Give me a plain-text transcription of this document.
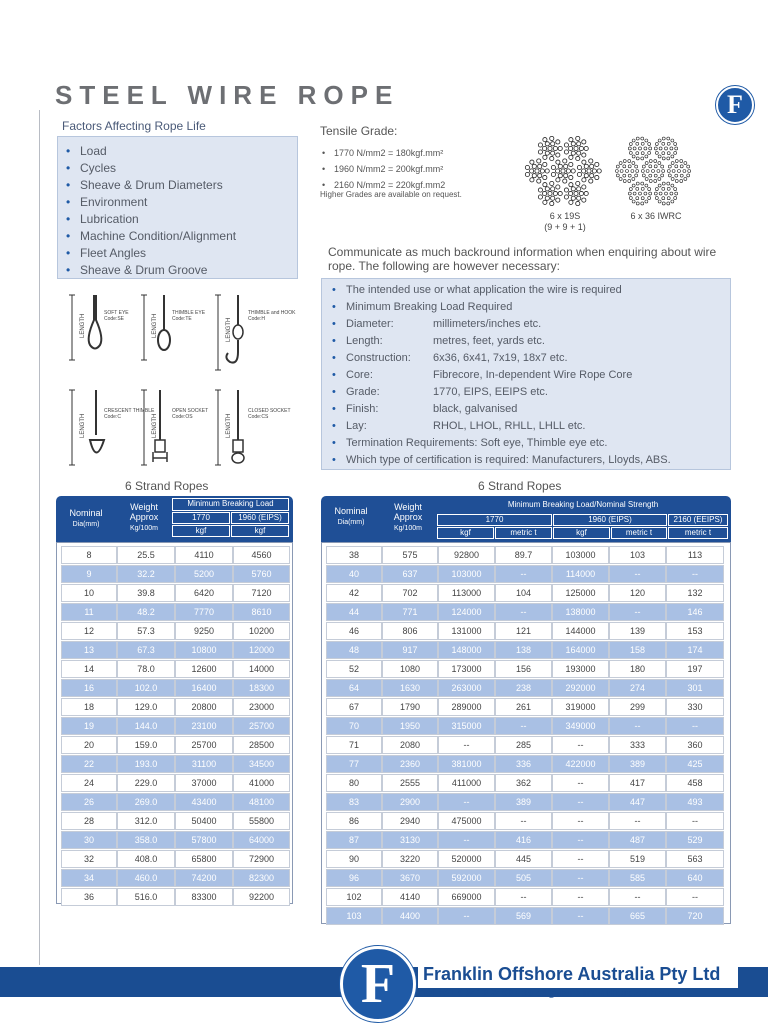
STEEL WIRE ROPE	F
Factors Affecting Rope Life
• Load
• Cycles
• Sheave & Drum Diameters
• Environment
• Lubrication
• Machine Condition/Alignment
• Fleet Angles
• Sheave & Drum Groove
Tensile Grade:
• 1770 N/mm2 = 180kgf.mm²
• 1960 N/mm2 = 200kgf.mm²
• 2160 N/mm2 = 220kgf.mm2
Higher Grades are available on request.
6 x 19S
(9 + 9 + 1)
6 x 36 IWRC
Communicate as much backround information when enquiring about wire rope. The following are however necessary:
• The intended use or what application the wire is required
• Minimum Breaking Load Required
• Diameter:	millimeters/inches etc.
• Length:	metres, feet, yards etc.
• Construction: 6x36, 6x41, 7x19, 18x7 etc.
• Core:	Fibrecore, In-dependent Wire Rope Core
• Grade:	1770, EIPS, EEIPS etc.
• Finish:	black, galvanised
• Lay:	RHOL, LHOL, RHLL, LHLL etc.
• Termination Requirements: Soft eye, Thimble eye etc.
• Which type of certification is required: Manufacturers, Lloyds, ABS.
LENGTH	LENGTH	LENGTH
LENGTH	LENGTH	LENGTH
SOFT EYE
Code:SE
THIMBLE EYE
Code:TE
THIMBLE and HOOK
Code:H
CRESCENT THIMBLE
Code:C
OPEN SOCKET
Code:OS
CLOSED SOCKET
Code:CS
6 Strand Ropes
Nominal
Dia(mm)
Weight Approx
Kg/100m
Minimum Breaking Load
1770	1960 (EIPS)
kgf	kgf
8	25.5	4110	4560
9	32.2	5200	5760
10	39.8	6420	7120
11	48.2	7770	8610
12	57.3	9250	10200
13	67.3	10800	12000
14	78.0	12600	14000
16	102.0	16400	18300
18	129.0	20800	23000
19	144.0	23100	25700
20	159.0	25700	28500
22	193.0	31100	34500
24	229.0	37000	41000
26	269.0	43400	48100
28	312.0	50400	55800
30	358.0	57800	64000
32	408.0	65800	72900
34	460.0	74200	82300
36	516.0	83300	92200
6 Strand Ropes
Nominal
Dia(mm)
Weight Approx
Kg/100m
Minimum Breaking Load/Nominal Strength
1770	1960 (EIPS)	2160 (EEIPS)
kgf	metric t	kgf	metric t	metric t
38	575	92800	89.7	103000	103	113
40	637	103000	--	114000	--	--
42	702	113000	104	125000	120	132
44	771	124000	--	138000	--	146
46	806	131000	121	144000	139	153
48	917	148000	138	164000	158	174
52	1080	173000	156	193000	180	197
64	1630	263000	238	292000	274	301
67	1790	289000	261	319000	299	330
70	1950	315000	--	349000	--	--
71	2080	--	285	--	333	360
77	2360	381000	336	422000	389	425
80	2555	411000	362	--	417	458
83	2900	--	389	--	447	493
86	2940	475000	--	--	--	--
87	3130	--	416	--	487	529
90	3220	520000	445	--	519	563
96	3670	592000	505	--	585	640
102	4140	669000	--	--	--	--
103	4400	--	569	--	665	720
F Franklin Offshore Australia Pty Ltd
Tel +61 8 9410 2480 • sales@franklinoffshore.com.au
